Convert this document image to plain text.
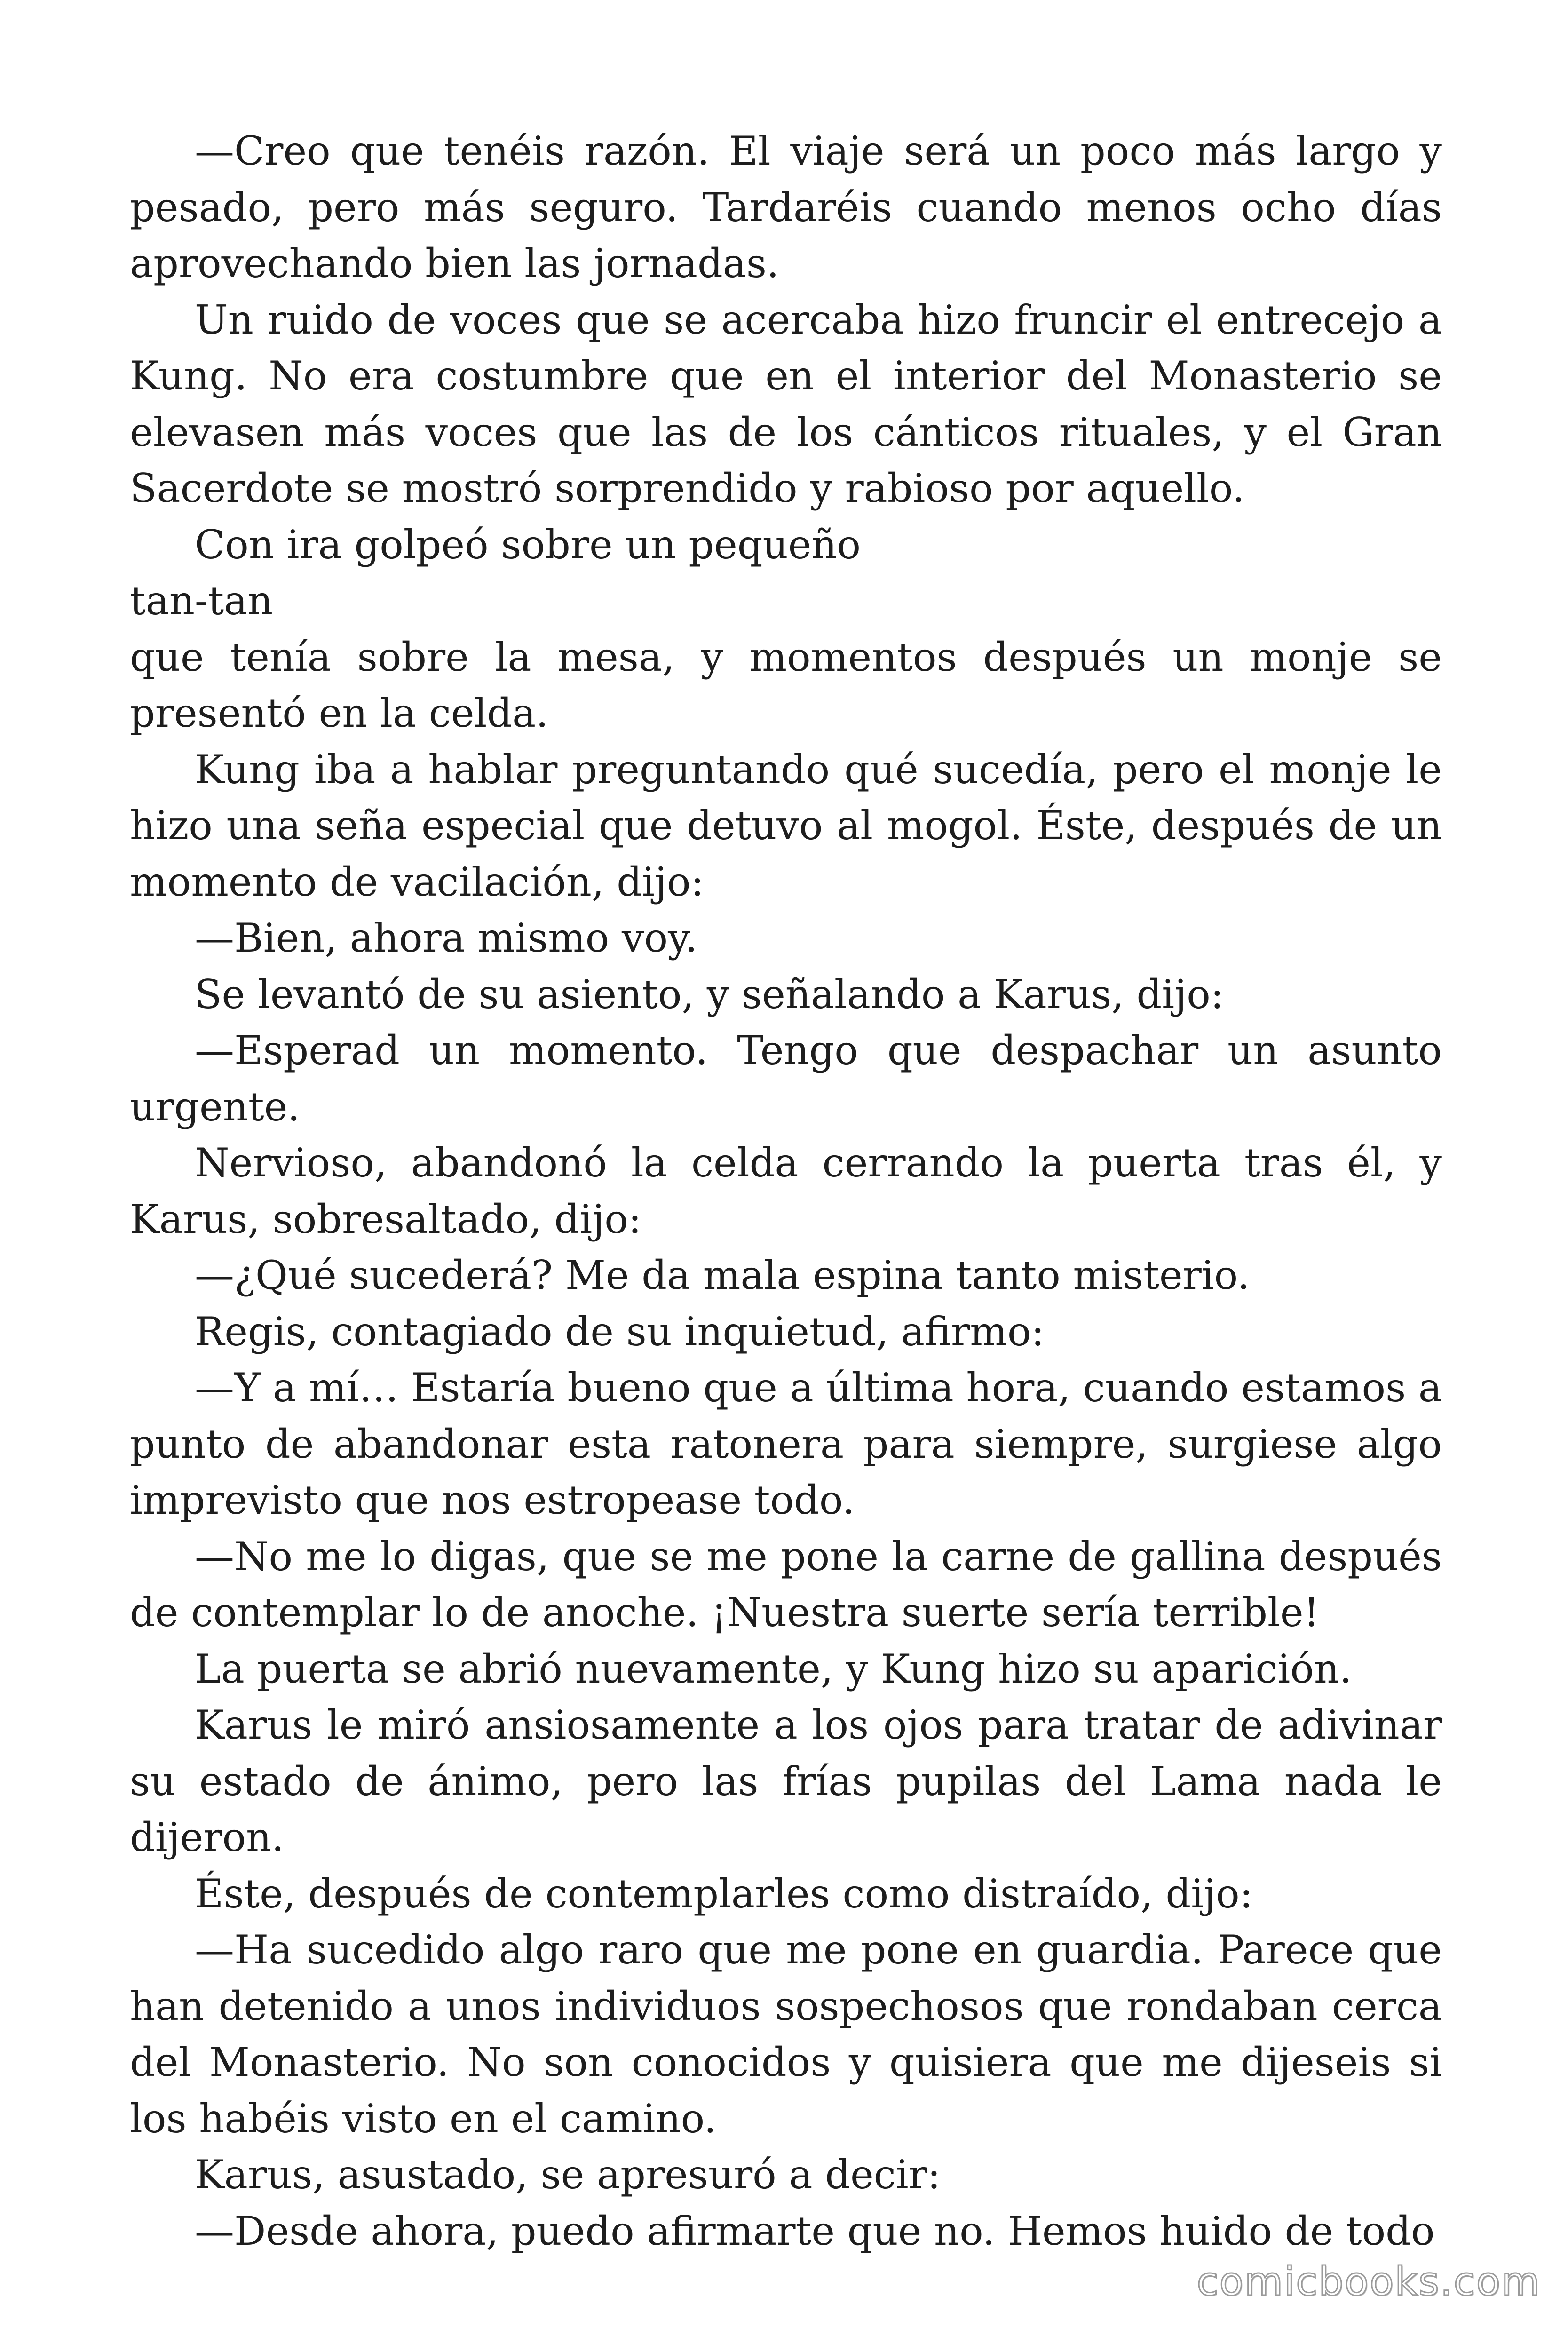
—Creo que tenéis razón. El viaje será un poco más largo y pesado, pero más seguro. Tardaréis cuando menos ocho días aprovechando bien las jornadas.

Un ruido de voces que se acercaba hizo fruncir el entrecejo a Kung. No era costumbre que en el interior del Monasterio se elevasen más voces que las de los cánticos rituales, y el Gran Sacerdote se mostró sorprendido y rabioso por aquello.

Con ira golpeó sobre un pequeño

tan-tan

que tenía sobre la mesa, y momentos después un monje se presentó en la celda.

Kung iba a hablar preguntando qué sucedía, pero el monje le hizo una seña especial que detuvo al mogol. Éste, después de un momento de vacilación, dijo:

—Bien, ahora mismo voy.

Se levantó de su asiento, y señalando a Karus, dijo:

—Esperad un momento. Tengo que despachar un asunto urgente.

Nervioso, abandonó la celda cerrando la puerta tras él, y Karus, sobresaltado, dijo:

—¿Qué sucederá? Me da mala espina tanto misterio.

Regis, contagiado de su inquietud, afirmo:

—Y a mí… Estaría bueno que a última hora, cuando estamos a punto de abandonar esta ratonera para siempre, surgiese algo imprevisto que nos estropease todo.

—No me lo digas, que se me pone la carne de gallina después de contemplar lo de anoche. ¡Nuestra suerte sería terrible!

La puerta se abrió nuevamente, y Kung hizo su aparición.

Karus le miró ansiosamente a los ojos para tratar de adivinar su estado de ánimo, pero las frías pupilas del Lama nada le dijeron.

Éste, después de contemplarles como distraído, dijo:

—Ha sucedido algo raro que me pone en guardia. Parece que han detenido a unos individuos sospechosos que rondaban cerca del Monasterio. No son conocidos y quisiera que me dijeseis si los habéis visto en el camino.

Karus, asustado, se apresuró a decir:

—Desde ahora, puedo afirmarte que no. Hemos huido de todo

comicbooks.com
